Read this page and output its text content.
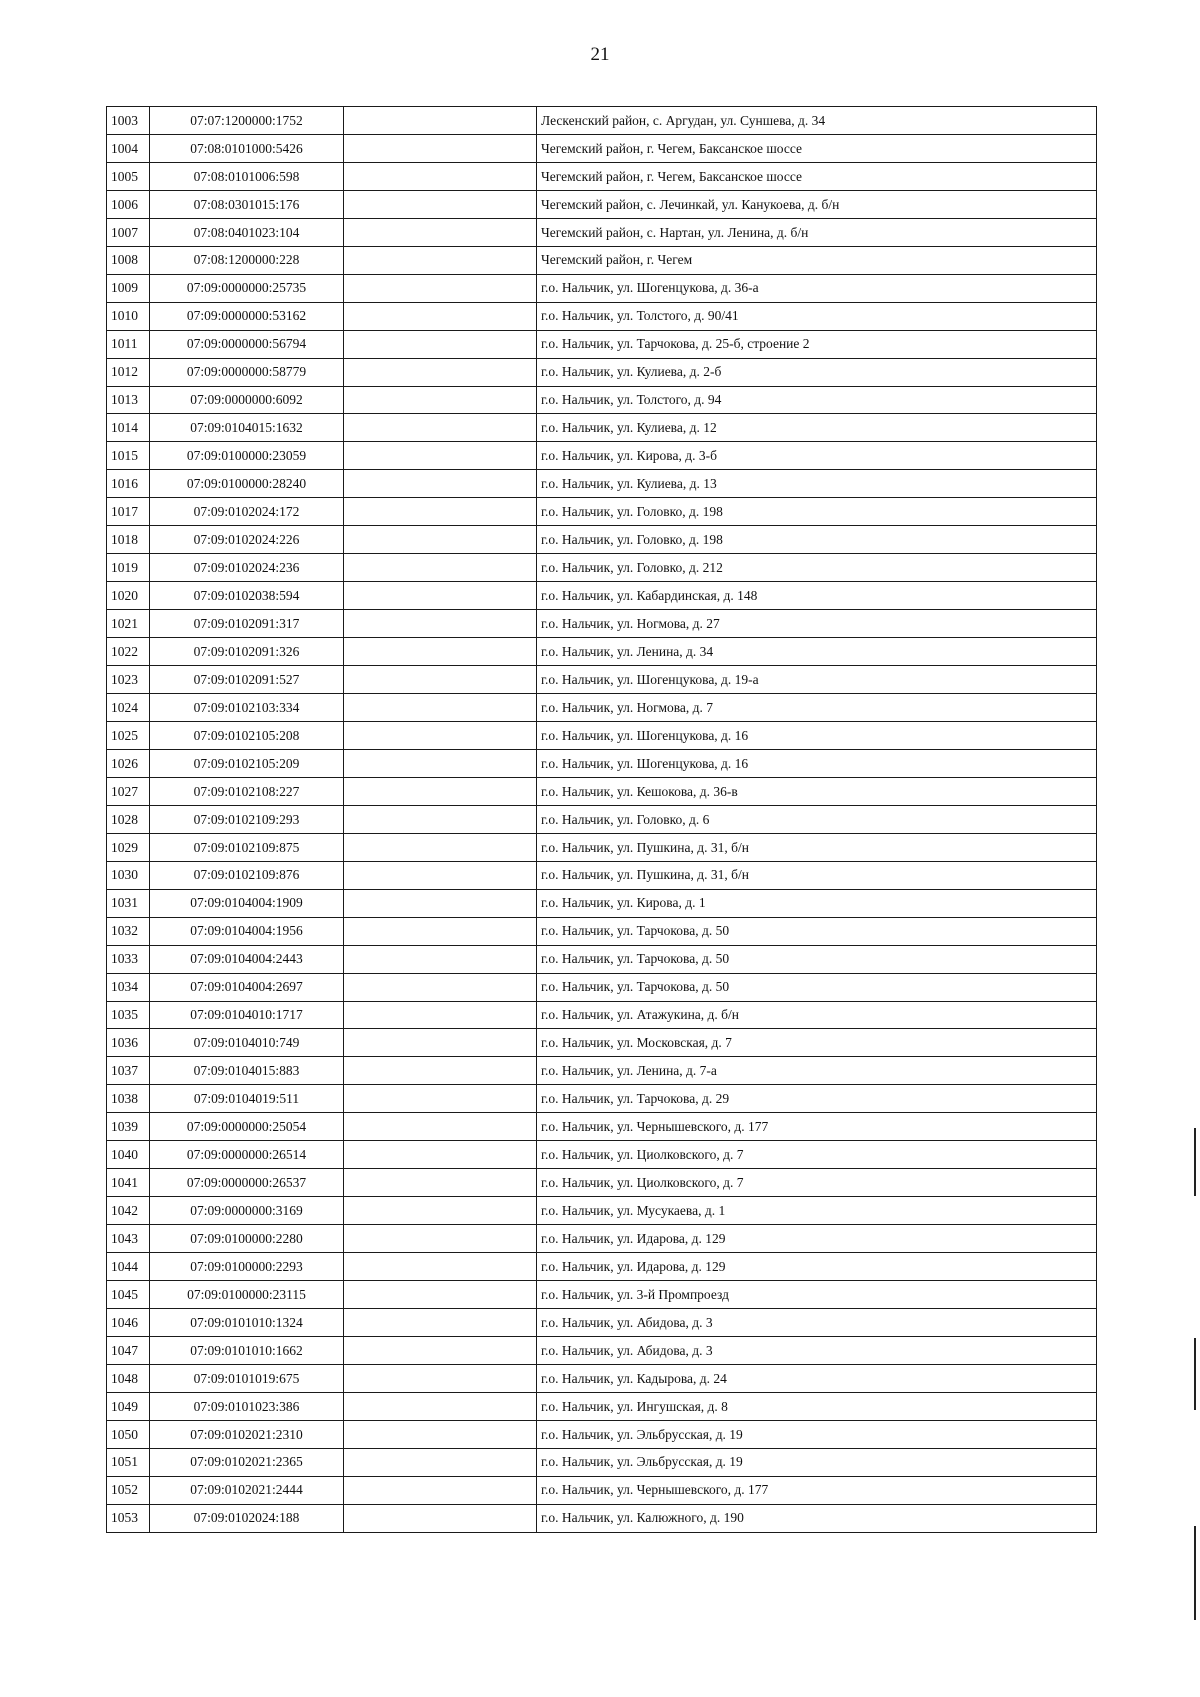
21
1003	07:07:1200000:1752		Лескенский район, с. Аргудан, ул. Суншева, д. 34
1004	07:08:0101000:5426		Чегемский район, г. Чегем, Баксанское шоссе
1005	07:08:0101006:598		Чегемский район, г. Чегем, Баксанское шоссе
1006	07:08:0301015:176		Чегемский район, с. Лечинкай, ул. Канукоева, д. б/н
1007	07:08:0401023:104		Чегемский район, с. Нартан, ул. Ленина, д. б/н
1008	07:08:1200000:228		Чегемский район, г. Чегем
1009	07:09:0000000:25735		г.о. Нальчик, ул. Шогенцукова, д. 36-а
1010	07:09:0000000:53162		г.о. Нальчик, ул. Толстого, д. 90/41
1011	07:09:0000000:56794		г.о. Нальчик, ул. Тарчокова, д. 25-б, строение 2
1012	07:09:0000000:58779		г.о. Нальчик, ул. Кулиева, д. 2-б
1013	07:09:0000000:6092		г.о. Нальчик, ул. Толстого, д. 94
1014	07:09:0104015:1632		г.о. Нальчик, ул. Кулиева, д. 12
1015	07:09:0100000:23059		г.о. Нальчик, ул. Кирова, д. 3-б
1016	07:09:0100000:28240		г.о. Нальчик, ул. Кулиева, д. 13
1017	07:09:0102024:172		г.о. Нальчик, ул. Головко, д. 198
1018	07:09:0102024:226		г.о. Нальчик, ул. Головко, д. 198
1019	07:09:0102024:236		г.о. Нальчик, ул. Головко, д. 212
1020	07:09:0102038:594		г.о. Нальчик, ул. Кабардинская, д. 148
1021	07:09:0102091:317		г.о. Нальчик, ул. Ногмова, д. 27
1022	07:09:0102091:326		г.о. Нальчик, ул. Ленина, д. 34
1023	07:09:0102091:527		г.о. Нальчик, ул. Шогенцукова, д. 19-а
1024	07:09:0102103:334		г.о. Нальчик, ул. Ногмова, д. 7
1025	07:09:0102105:208		г.о. Нальчик, ул. Шогенцукова, д. 16
1026	07:09:0102105:209		г.о. Нальчик, ул. Шогенцукова, д. 16
1027	07:09:0102108:227		г.о. Нальчик, ул. Кешокова, д. 36-в
1028	07:09:0102109:293		г.о. Нальчик, ул. Головко, д. 6
1029	07:09:0102109:875		г.о. Нальчик, ул. Пушкина, д. 31, б/н
1030	07:09:0102109:876		г.о. Нальчик, ул. Пушкина, д. 31, б/н
1031	07:09:0104004:1909		г.о. Нальчик, ул. Кирова, д. 1
1032	07:09:0104004:1956		г.о. Нальчик, ул. Тарчокова, д. 50
1033	07:09:0104004:2443		г.о. Нальчик, ул. Тарчокова, д. 50
1034	07:09:0104004:2697		г.о. Нальчик, ул. Тарчокова, д. 50
1035	07:09:0104010:1717		г.о. Нальчик, ул. Атажукина, д. б/н
1036	07:09:0104010:749		г.о. Нальчик, ул. Московская, д. 7
1037	07:09:0104015:883		г.о. Нальчик, ул. Ленина, д. 7-а
1038	07:09:0104019:511		г.о. Нальчик, ул. Тарчокова, д. 29
1039	07:09:0000000:25054		г.о. Нальчик, ул. Чернышевского, д. 177
1040	07:09:0000000:26514		г.о. Нальчик, ул. Циолковского, д. 7
1041	07:09:0000000:26537		г.о. Нальчик, ул. Циолковского, д. 7
1042	07:09:0000000:3169		г.о. Нальчик, ул. Мусукаева, д. 1
1043	07:09:0100000:2280		г.о. Нальчик, ул. Идарова, д. 129
1044	07:09:0100000:2293		г.о. Нальчик, ул. Идарова, д. 129
1045	07:09:0100000:23115		г.о. Нальчик, ул. 3-й Промпроезд
1046	07:09:0101010:1324		г.о. Нальчик, ул. Абидова, д. 3
1047	07:09:0101010:1662		г.о. Нальчик, ул. Абидова, д. 3
1048	07:09:0101019:675		г.о. Нальчик, ул. Кадырова, д. 24
1049	07:09:0101023:386		г.о. Нальчик, ул. Ингушская, д. 8
1050	07:09:0102021:2310		г.о. Нальчик, ул. Эльбрусская, д. 19
1051	07:09:0102021:2365		г.о. Нальчик, ул. Эльбрусская, д. 19
1052	07:09:0102021:2444		г.о. Нальчик, ул. Чернышевского, д. 177
1053	07:09:0102024:188		г.о. Нальчик, ул. Калюжного, д. 190
